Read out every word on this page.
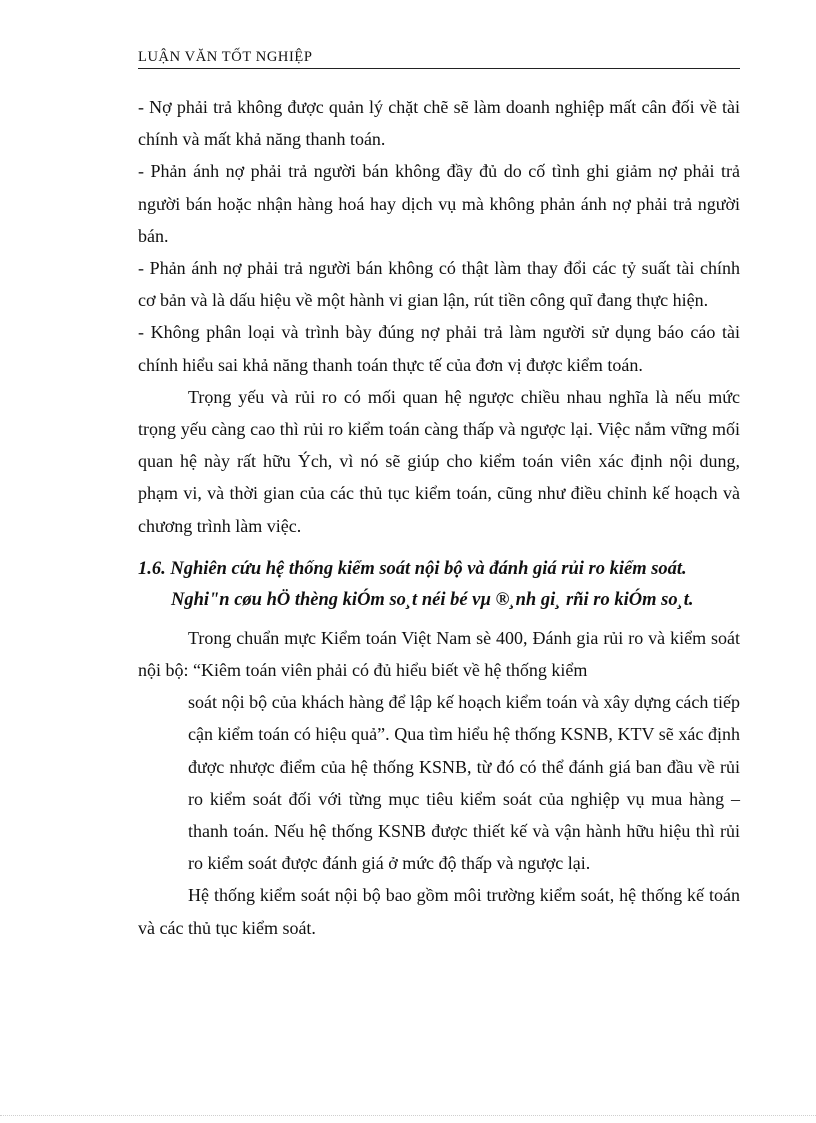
LUẬN VĂN TỐT NGHIỆP

- Nợ phải trả không được quản lý chặt chẽ sẽ làm doanh nghiệp mất cân đối về tài chính và mất khả năng thanh toán.

- Phản ánh nợ phải trả người bán không đầy đủ do cố tình ghi giảm nợ phải trả người bán hoặc nhận hàng hoá hay dịch vụ mà không phản ánh nợ phải trả người bán.

- Phản ánh nợ phải trả người bán không có thật làm thay đổi các tỷ suất tài chính cơ bản và là dấu hiệu về một hành vi gian lận, rút tiền công quĩ đang thực hiện.

- Không phân loại và trình bày đúng nợ phải trả làm người sử dụng báo cáo tài chính hiểu sai khả năng thanh toán thực tế của đơn vị được kiểm toán.

Trọng yếu và rủi ro có mối quan hệ ngược chiều nhau nghĩa là nếu mức trọng yếu càng cao thì rủi ro kiểm toán càng thấp và ngược lại. Việc nắm vững mối quan hệ này rất hữu Ých, vì nó sẽ giúp cho kiểm toán viên xác định nội dung, phạm vi, và thời gian của các thủ tục kiểm toán, cũng như điều chỉnh kế hoạch và chương trình làm việc.

1.6. Nghiên cứu hệ thống kiểm soát nội bộ và đánh giá rủi ro kiểm soát.
Nghi"n cøu hÖ thèng kiÓm so¸t néi bé vµ ®¸nh gi¸ rñi ro kiÓm so¸t.

Trong chuẩn mực Kiểm toán Việt Nam sè 400, Đánh gia rủi ro và kiểm soát nội bộ: “Kiêm toán viên phải có đủ hiểu biết về hệ thống kiểm

soát nội bộ của khách hàng để lập kế hoạch kiểm toán và xây dựng cách tiếp cận kiểm toán có hiệu quả”. Qua tìm hiểu hệ thống KSNB, KTV sẽ xác định được nhược điểm của hệ thống KSNB, từ đó có thể đánh giá ban đầu về rủi ro kiểm soát đối với từng mục tiêu kiểm soát của nghiệp vụ mua hàng – thanh toán. Nếu hệ thống KSNB được thiết kế và vận hành hữu hiệu thì rủi ro kiểm soát được đánh giá ở mức độ thấp và ngược lại.

Hệ thống kiểm soát nội bộ bao gồm môi trường kiểm soát, hệ thống kế toán và các thủ tục kiểm soát.
